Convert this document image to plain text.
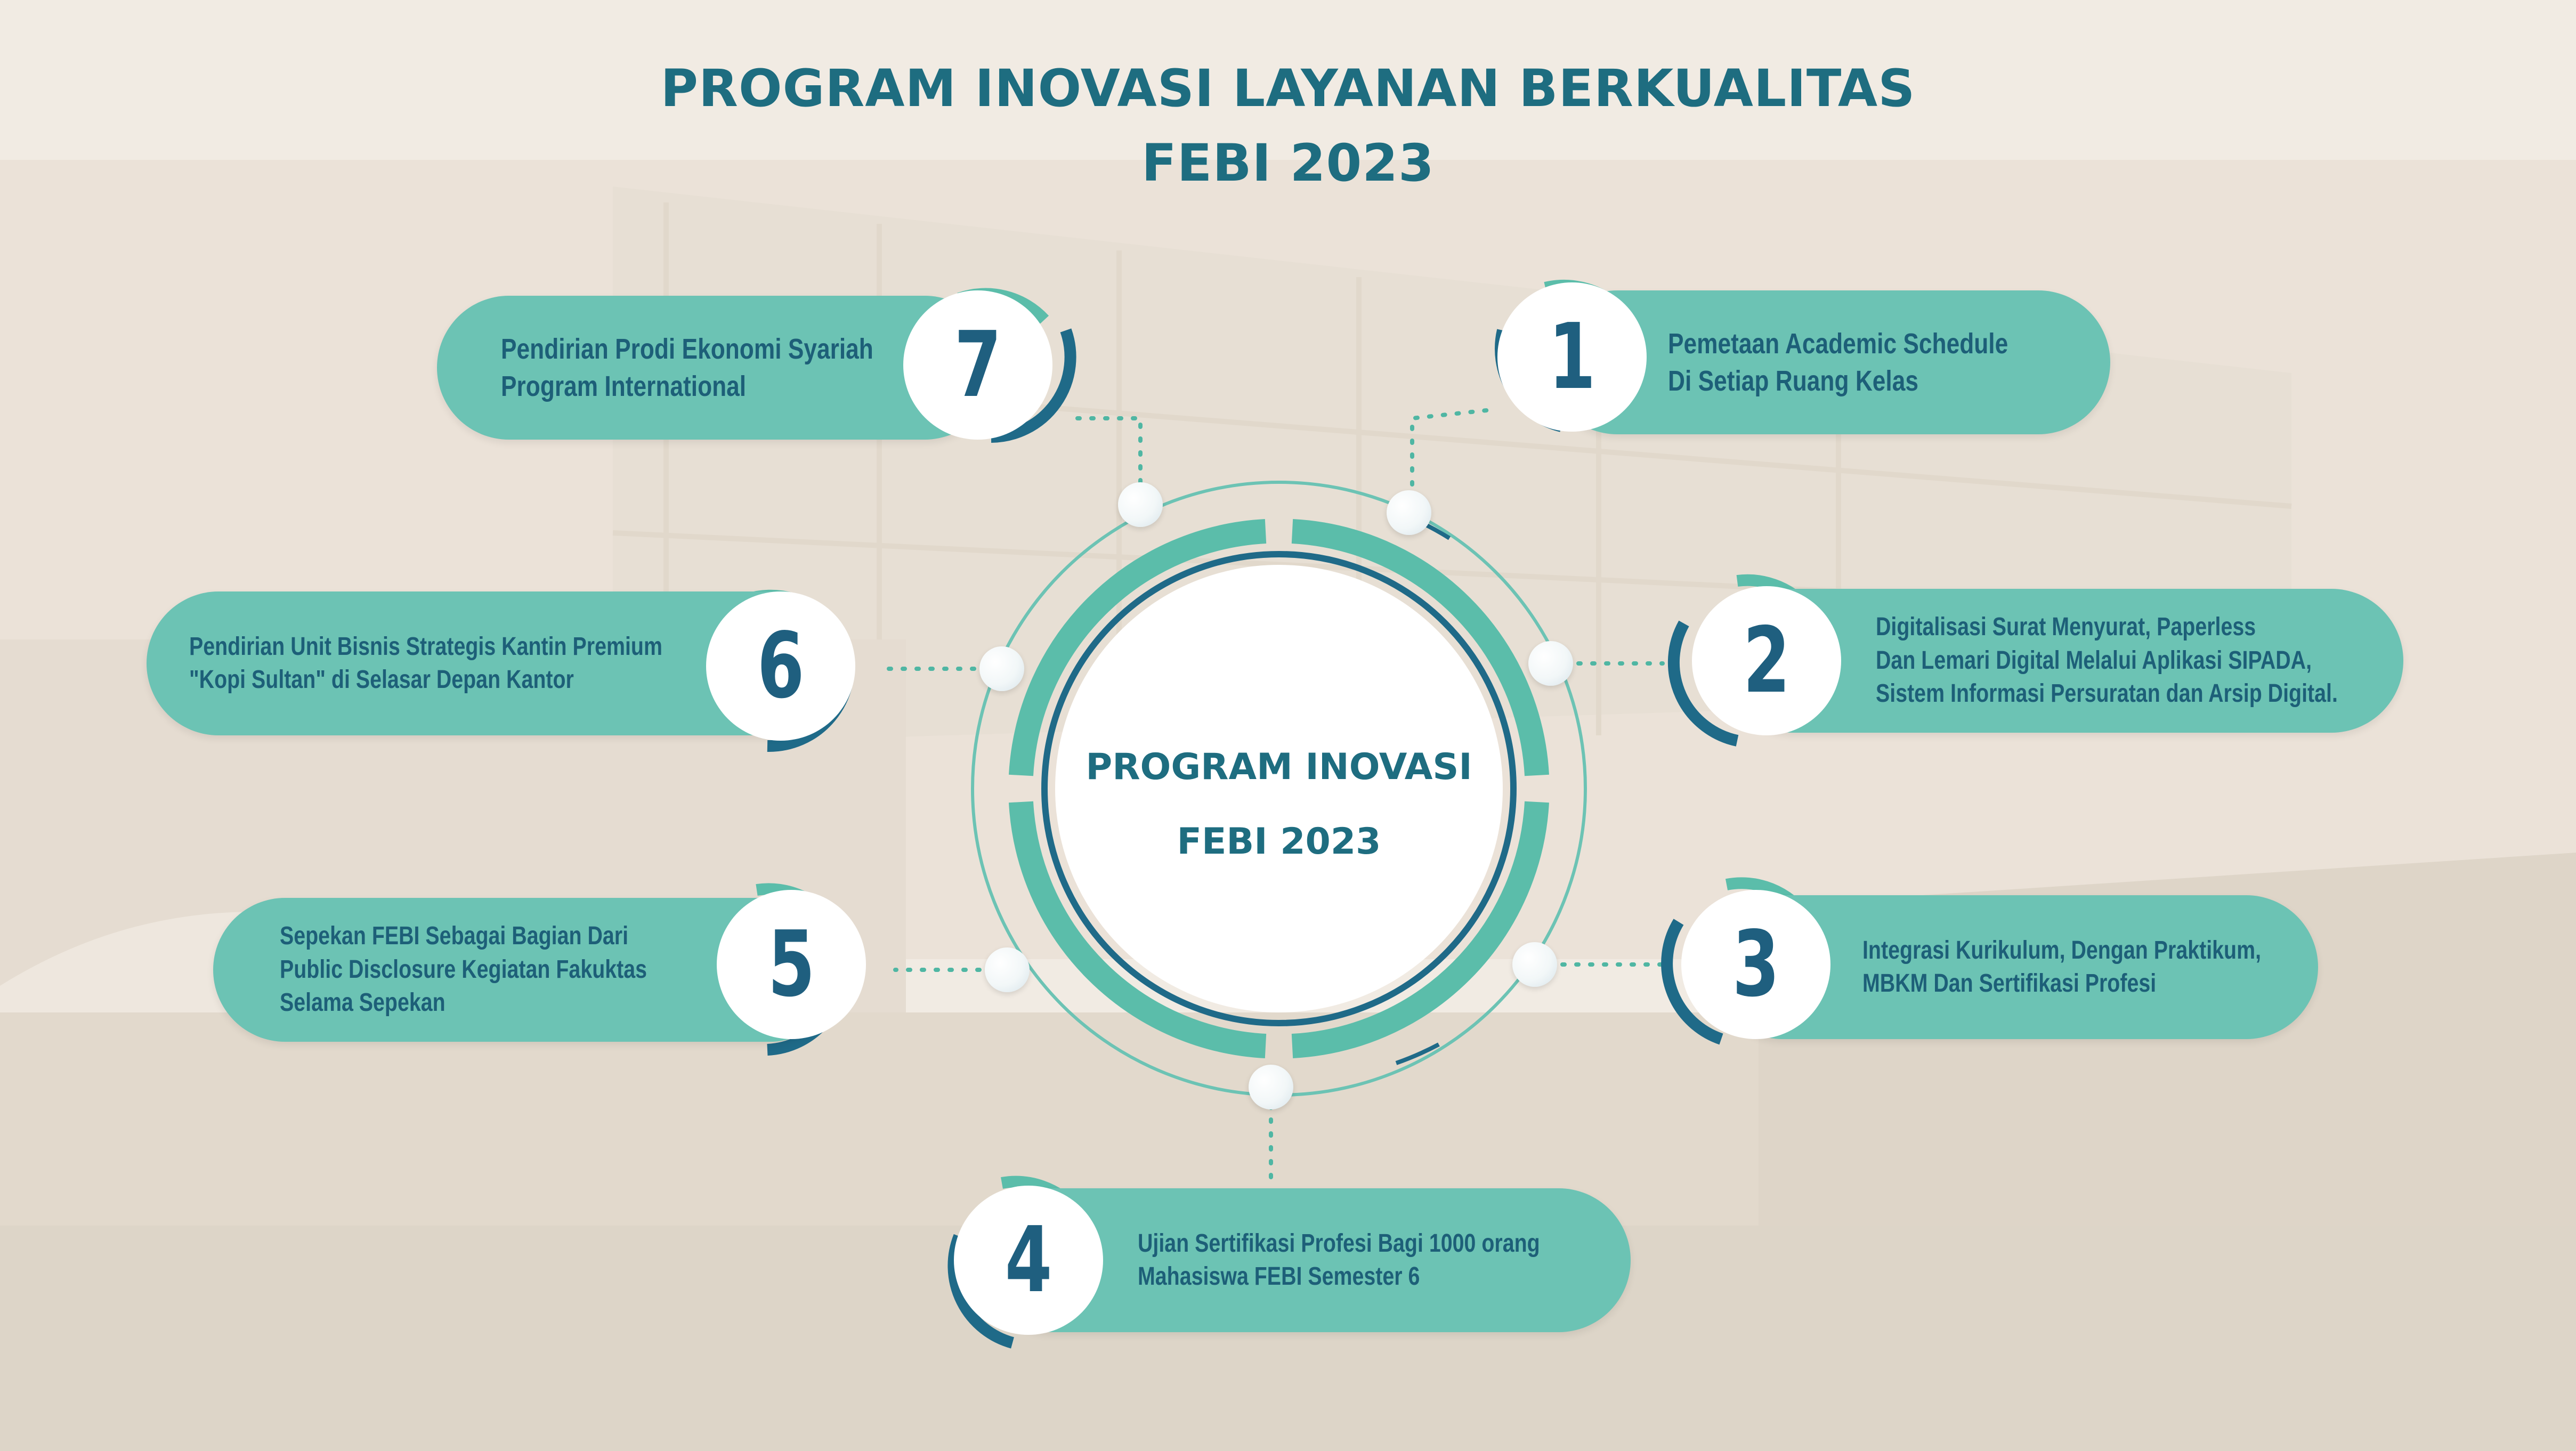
PROGRAM INOVASI LAYANAN BERKUALITAS
FEBI 2023
PROGRAM INOVASI
FEBI 2023
Pendirian Prodi Ekonomi Syariah
Program International	7	1	Pemetaan Academic Schedule
Di Setiap Ruang Kelas
Pendirian Unit Bisnis Strategis Kantin Premium
"Kopi Sultan" di Selasar Depan Kantor	6	2	Digitalisasi Surat Menyurat, Paperless
Dan Lemari Digital Melalui Aplikasi SIPADA,
Sistem Informasi Persuratan dan Arsip Digital.
Sepekan FEBI Sebagai Bagian Dari
Public Disclosure Kegiatan Fakuktas
Selama Sepekan	5	3	Integrasi Kurikulum, Dengan Praktikum,
MBKM Dan Sertifikasi Profesi
4	Ujian Sertifikasi Profesi Bagi 1000 orang
Mahasiswa FEBI Semester 6
